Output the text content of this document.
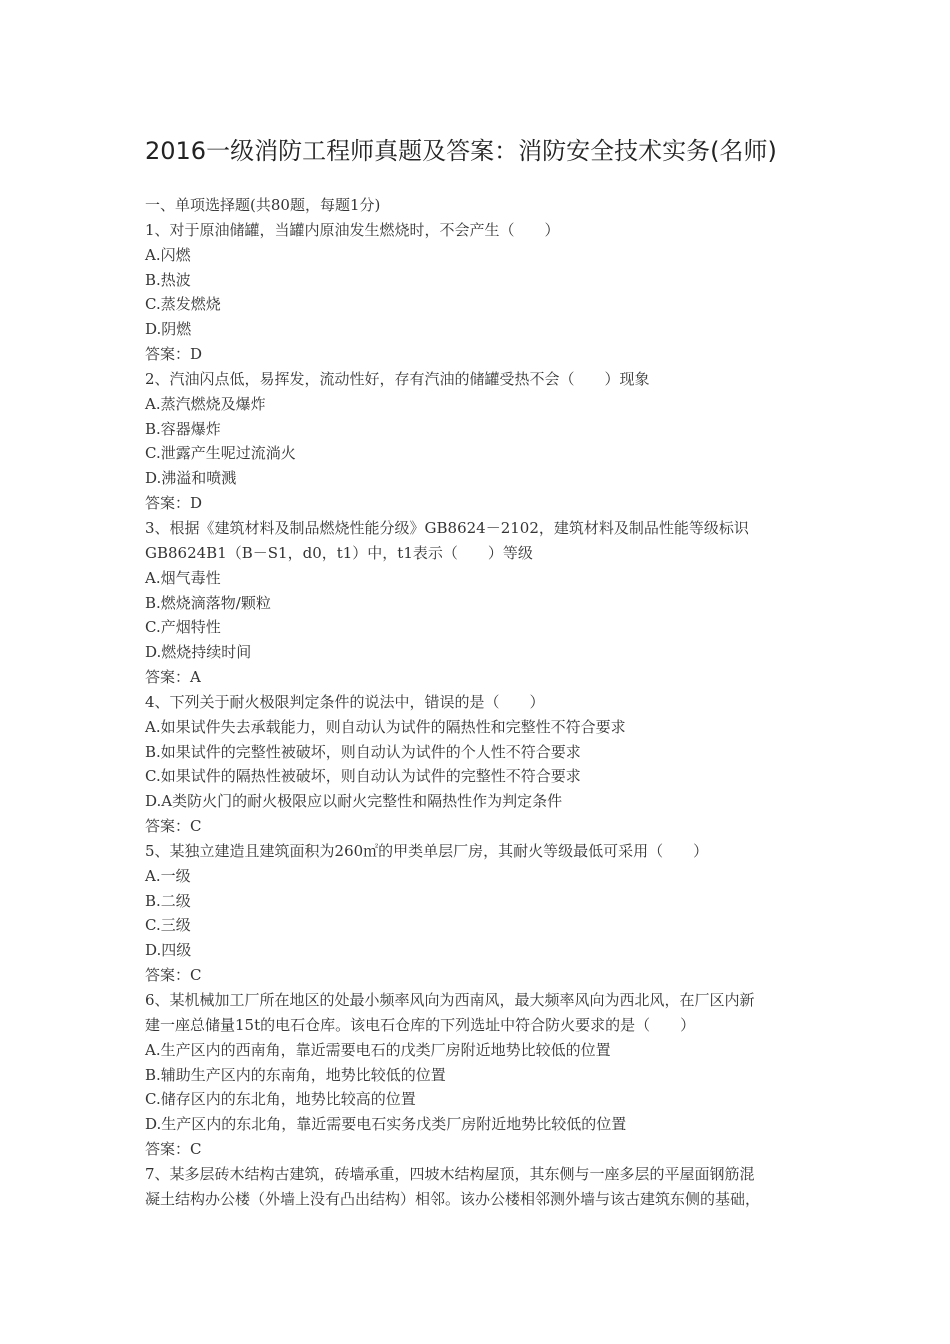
2016一级消防工程师真题及答案：消防安全技术实务(名师)
一、单项选择题(共80题，每题1分)
1、对于原油储罐，当罐内原油发生燃烧时，不会产生（　　）
A.闪燃
B.热波
C.蒸发燃烧
D.阴燃
答案：D
2、汽油闪点低，易挥发，流动性好，存有汽油的储罐受热不会（　　）现象
A.蒸汽燃烧及爆炸
B.容器爆炸
C.泄露产生呢过流淌火
D.沸溢和喷溅
答案：D
3、根据《建筑材料及制品燃烧性能分级》GB8624－2102，建筑材料及制品性能等级标识
GB8624B1（B－S1，d0，t1）中，t1表示（　　）等级
A.烟气毒性
B.燃烧滴落物/颗粒
C.产烟特性
D.燃烧持续时间
答案：A
4、下列关于耐火极限判定条件的说法中，错误的是（　　）
A.如果试件失去承载能力，则自动认为试件的隔热性和完整性不符合要求
B.如果试件的完整性被破坏，则自动认为试件的个人性不符合要求
C.如果试件的隔热性被破坏，则自动认为试件的完整性不符合要求
D.A类防火门的耐火极限应以耐火完整性和隔热性作为判定条件
答案：C
5、某独立建造且建筑面积为260㎡的甲类单层厂房，其耐火等级最低可采用（　　）
A.一级
B.二级
C.三级
D.四级
答案：C
6、某机械加工厂所在地区的处最小频率风向为西南风，最大频率风向为西北风，在厂区内新
建一座总储量15t的电石仓库。该电石仓库的下列选址中符合防火要求的是（　　）
A.生产区内的西南角，靠近需要电石的戊类厂房附近地势比较低的位置
B.辅助生产区内的东南角，地势比较低的位置
C.储存区内的东北角，地势比较高的位置
D.生产区内的东北角，靠近需要电石实务戊类厂房附近地势比较低的位置
答案：C
7、某多层砖木结构古建筑，砖墙承重，四坡木结构屋顶，其东侧与一座多层的平屋面钢筋混
凝土结构办公楼（外墙上没有凸出结构）相邻。该办公楼相邻测外墙与该古建筑东侧的基础，
